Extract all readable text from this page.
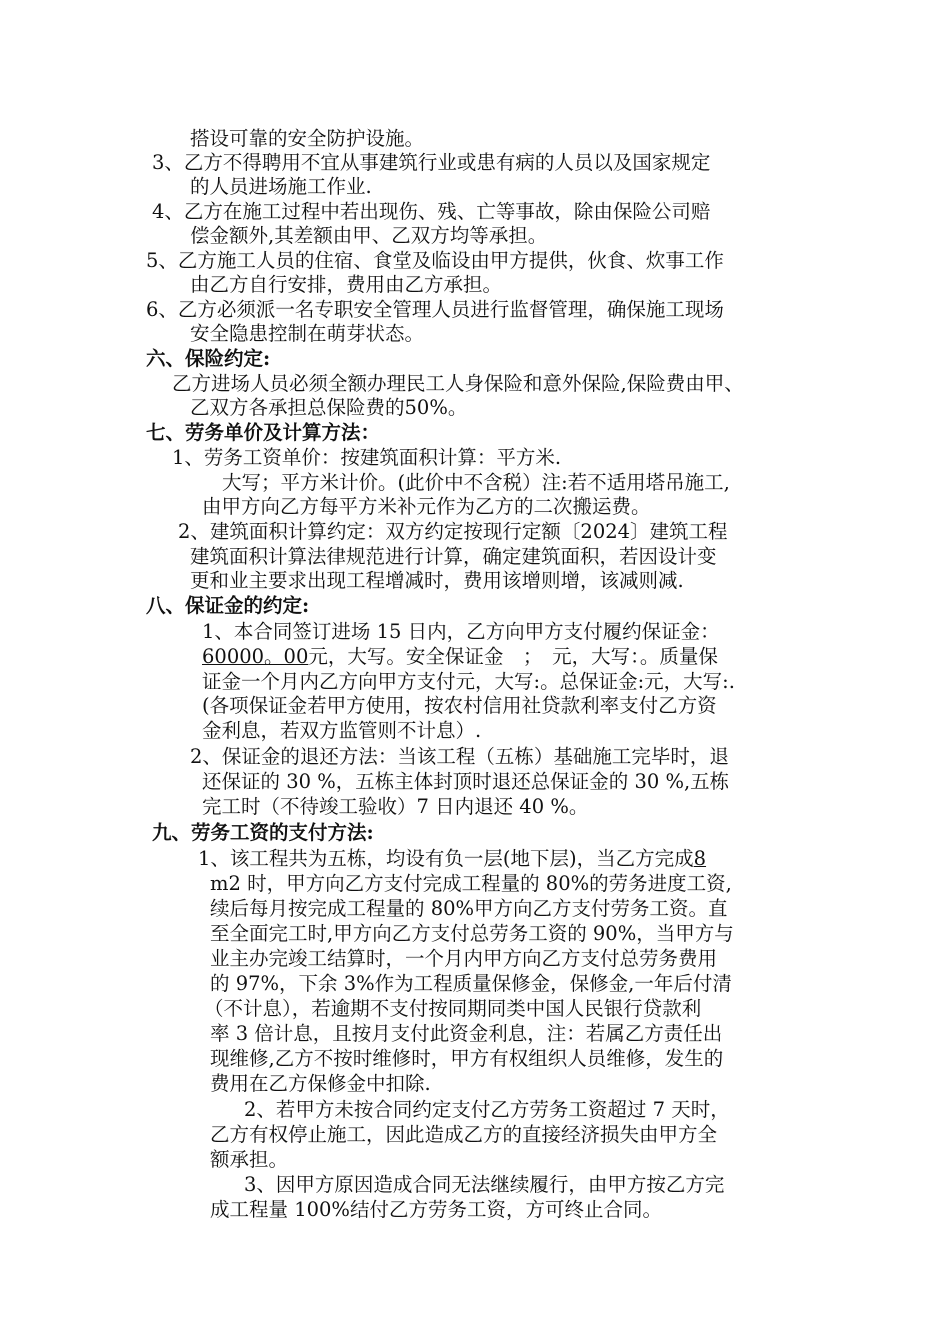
搭设可靠的安全防护设施。
3、乙方不得聘用不宜从事建筑行业或患有病的人员以及国家规定
的人员进场施工作业.
4、乙方在施工过程中若出现伤、残、亡等事故，除由保险公司赔
偿金额外,其差额由甲、乙双方均等承担。
5、乙方施工人员的住宿、食堂及临设由甲方提供，伙食、炊事工作
由乙方自行安排，费用由乙方承担。
6、乙方必须派一名专职安全管理人员进行监督管理，确保施工现场
安全隐患控制在萌芽状态。
六、保险约定:
乙方进场人员必须全额办理民工人身保险和意外保险,保险费由甲、
乙双方各承担总保险费的50%。
七、劳务单价及计算方法：
1、劳务工资单价：按建筑面积计算：平方米.
大写；平方米计价。(此价中不含税）注:若不适用塔吊施工,
由甲方向乙方每平方米补元作为乙方的二次搬运费。
2、建筑面积计算约定：双方约定按现行定额〔2024〕建筑工程
建筑面积计算法律规范进行计算，确定建筑面积，若因设计变
更和业主要求出现工程增减时，费用该增则增，该减则减.
八、保证金的约定:
1、本合同签订进场 15 日内，乙方向甲方支付履约保证金：
60000。00元，大写。安全保证金　；　元，大写：。质量保
证金一个月内乙方向甲方支付元，大写:。总保证金:元，大写:.
(各项保证金若甲方使用，按农村信用社贷款利率支付乙方资
金利息，若双方监管则不计息）.
2、保证金的退还方法：当该工程（五栋）基础施工完毕时，退
还保证的 30 %，五栋主体封顶时退还总保证金的 30 %,五栋
完工时（不待竣工验收）7 日内退还 40 %。
九、劳务工资的支付方法:
1、该工程共为五栋，均设有负一层(地下层)，当乙方完成8
m2 时，甲方向乙方支付完成工程量的 80%的劳务进度工资,
续后每月按完成工程量的 80%甲方向乙方支付劳务工资。直
至全面完工时,甲方向乙方支付总劳务工资的 90%，当甲方与
业主办完竣工结算时，一个月内甲方向乙方支付总劳务费用
的 97%，下余 3%作为工程质量保修金，保修金,一年后付清
（不计息），若逾期不支付按同期同类中国人民银行贷款利
率 3 倍计息，且按月支付此资金利息，注：若属乙方责任出
现维修,乙方不按时维修时，甲方有权组织人员维修，发生的
费用在乙方保修金中扣除.
2、若甲方未按合同约定支付乙方劳务工资超过 7 天时，
乙方有权停止施工，因此造成乙方的直接经济损失由甲方全
额承担。
3、因甲方原因造成合同无法继续履行，由甲方按乙方完
成工程量 100%结付乙方劳务工资，方可终止合同。
